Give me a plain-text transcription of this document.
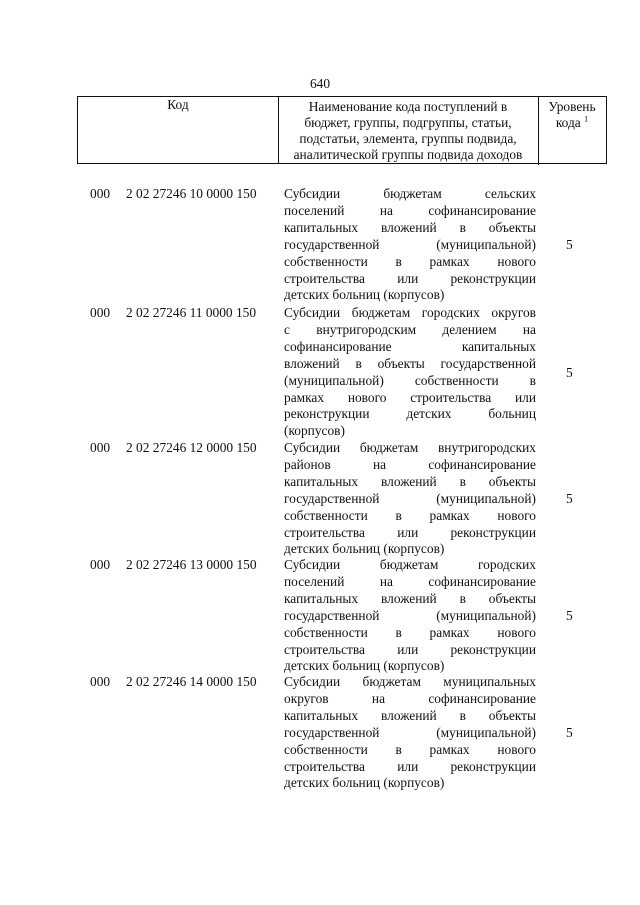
640
Код	Наименование кода поступлений в
бюджет, группы, подгруппы, статьи,
подстатьи, элемента, группы подвида,
аналитической группы подвида доходов
Уровень
кода $^1$
000 2 02 27246 10 0000 150 Субсидии бюджетам сельских
поселений на софинансирование
капитальных вложений в объекты
государственной (муниципальной)
собственности в рамках нового
строительства или реконструкции
детских больниц (корпусов)
5
000 2 02 27246 11 0000 150 Субсидии бюджетам городских округов
с внутригородским делением на
софинансирование капитальных
вложений в объекты государственной
(муниципальной) собственности в
рамках нового строительства или
реконструкции детских больниц
(корпусов)
5
000 2 02 27246 12 0000 150 Субсидии бюджетам внутригородских
районов на софинансирование
капитальных вложений в объекты
государственной (муниципальной)
собственности в рамках нового
строительства или реконструкции
детских больниц (корпусов)
5
000 2 02 27246 13 0000 150 Субсидии бюджетам городских
поселений на софинансирование
капитальных вложений в объекты
государственной (муниципальной)
собственности в рамках нового
строительства или реконструкции
детских больниц (корпусов)
5
000 2 02 27246 14 0000 150 Субсидии бюджетам муниципальных
округов на софинансирование
капитальных вложений в объекты
государственной (муниципальной)
собственности в рамках нового
строительства или реконструкции
детских больниц (корпусов)
5
